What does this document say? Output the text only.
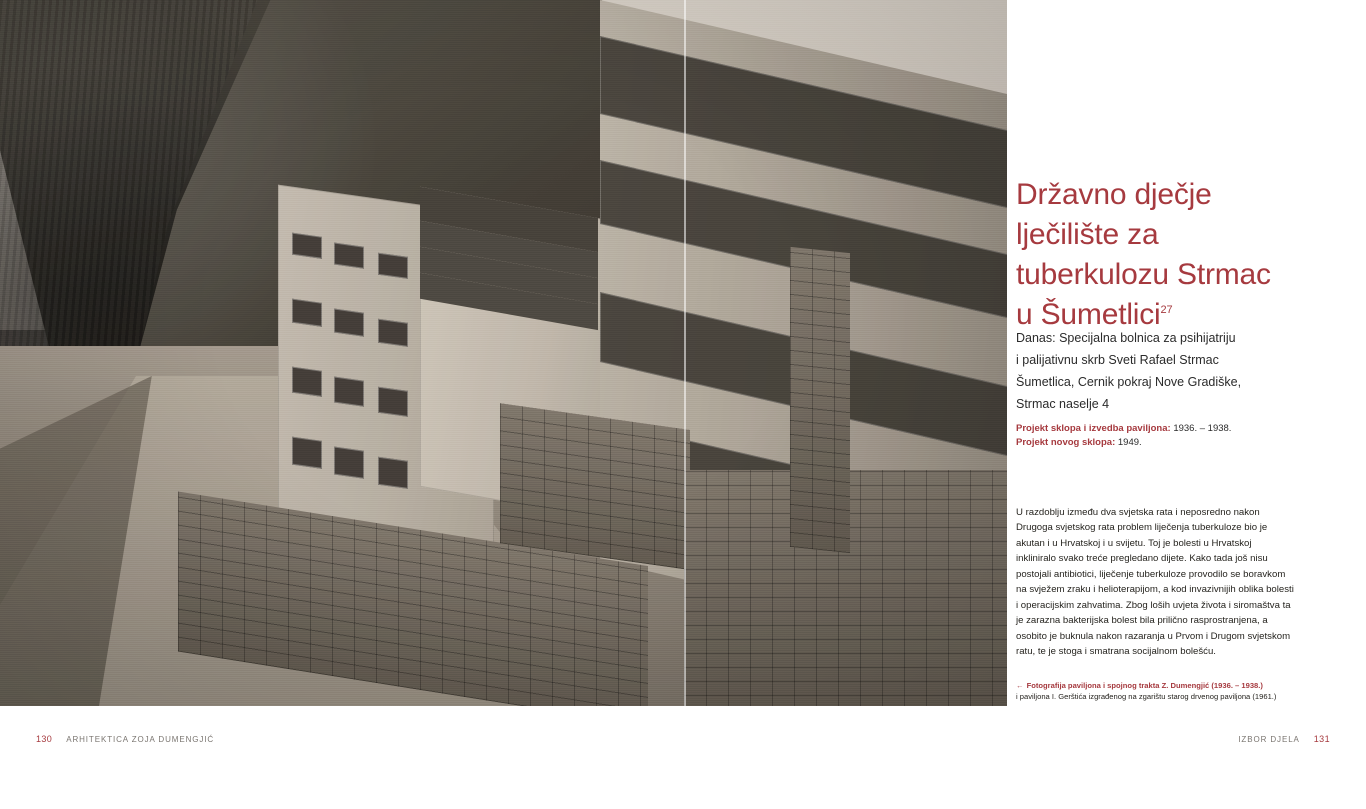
Državno dječje
lječilište za
tuberkulozu Strmac
u Šumetlici$^{27}$
Danas: Specijalna bolnica za psihijatriju
i palijativnu skrb Sveti Rafael Strmac
Šumetlica, Cernik pokraj Nove Gradiške,
Strmac naselje 4
Projekt sklopa i izvedba paviljona: 1936. – 1938.
Projekt novog sklopa: 1949.

U razdoblju između dva svjetska rata i neposredno nakon Drugoga svjetskog rata problem liječenja tuberkuloze bio je akutan i u Hrvatskoj i u svijetu. Toj je bolesti u Hrvatskoj inkliniralo svako treće pregledano dijete. Kako tada još nisu postojali antibiotici, liječenje tuberkuloze provodilo se boravkom na svježem zraku i helioterapijom, a kod invazivnijih oblika bolesti i operacijskim zahvatima. Zbog loših uvjeta života i siromaštva ta je zarazna bakterijska bolest bila prilično rasprostranjena, a osobito je buknula nakon razaranja u Prvom i Drugom svjetskom ratu, te je stoga i smatrana socijalnom bolešću.

← Fotografija paviljona i spojnog trakta Z. Dumengjić (1936. – 1938.)
i paviljona I. Gerštića izgrađenog na zgarištu starog drvenog paviljona (1961.)
130 ARHITEKTICA ZOJA DUMENGJIĆ	IZBOR DJELA 131
